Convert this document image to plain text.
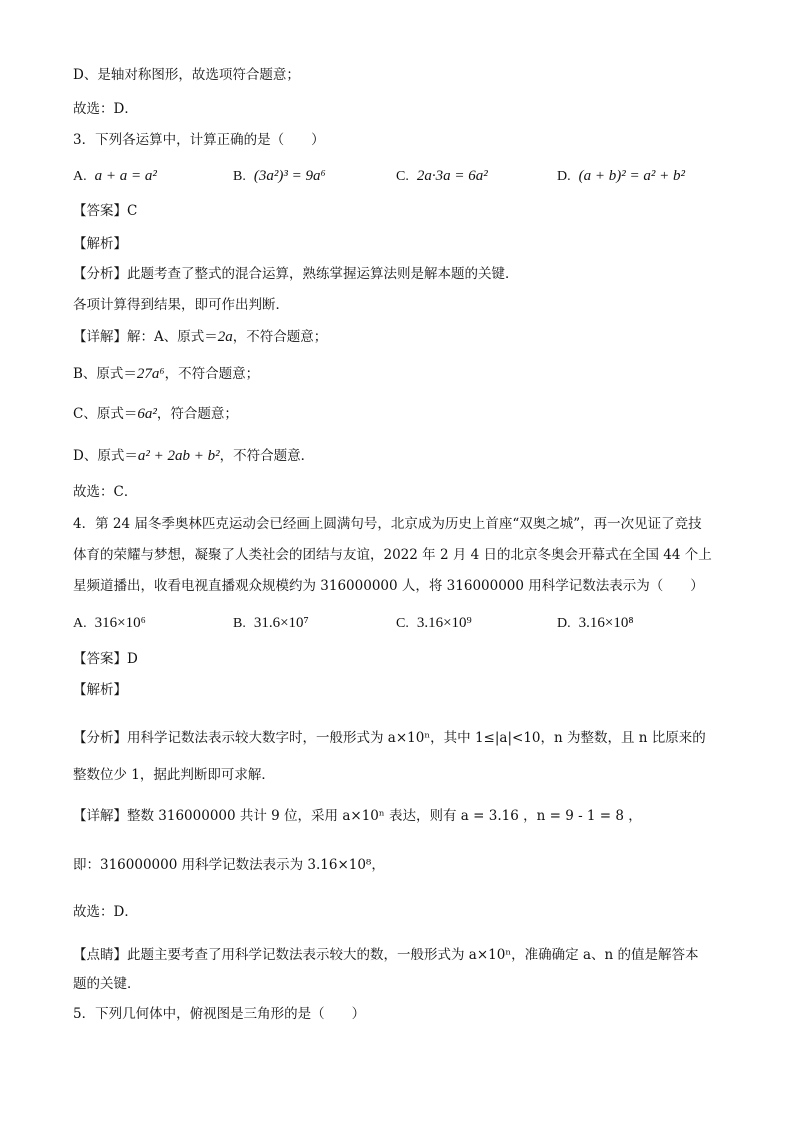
D、是轴对称图形，故选项符合题意；
故选：D．
3．下列各运算中，计算正确的是（　　）
A. a + a = a²	B. (3a²)³ = 9a⁶	C. 2a·3a = 6a²	D. (a + b)² = a² + b²
【答案】C
【解析】
【分析】此题考查了整式的混合运算，熟练掌握运算法则是解本题的关键．
各项计算得到结果，即可作出判断．
【详解】解：A、原式＝2a，不符合题意；
B、原式＝27a⁶，不符合题意；
C、原式＝6a²，符合题意；
D、原式＝a² + 2ab + b²，不符合题意．
故选：C．
4．第 24 届冬季奥林匹克运动会已经画上圆满句号，北京成为历史上首座“双奥之城”，再一次见证了竞技
体育的荣耀与梦想，凝聚了人类社会的团结与友谊，2022 年 2 月 4 日的北京冬奥会开幕式在全国 44 个上
星频道播出，收看电视直播观众规模约为 316000000 人，将 316000000 用科学记数法表示为（　　）
A. 316×10⁶	B. 31.6×10⁷	C. 3.16×10⁹	D. 3.16×10⁸
【答案】D
【解析】
【分析】用科学记数法表示较大数字时，一般形式为 a×10ⁿ，其中 1≤|a|<10，n 为整数，且 n 比原来的
整数位少 1，据此判断即可求解．
【详解】整数 316000000 共计 9 位，采用 a×10ⁿ 表达，则有 a = 3.16 ，n = 9 - 1 = 8 ，
即：316000000 用科学记数法表示为 3.16×10⁸，
故选：D．
【点睛】此题主要考查了用科学记数法表示较大的数，一般形式为 a×10ⁿ，准确确定 a、n 的值是解答本
题的关键．
5．下列几何体中，俯视图是三角形的是（　　）
